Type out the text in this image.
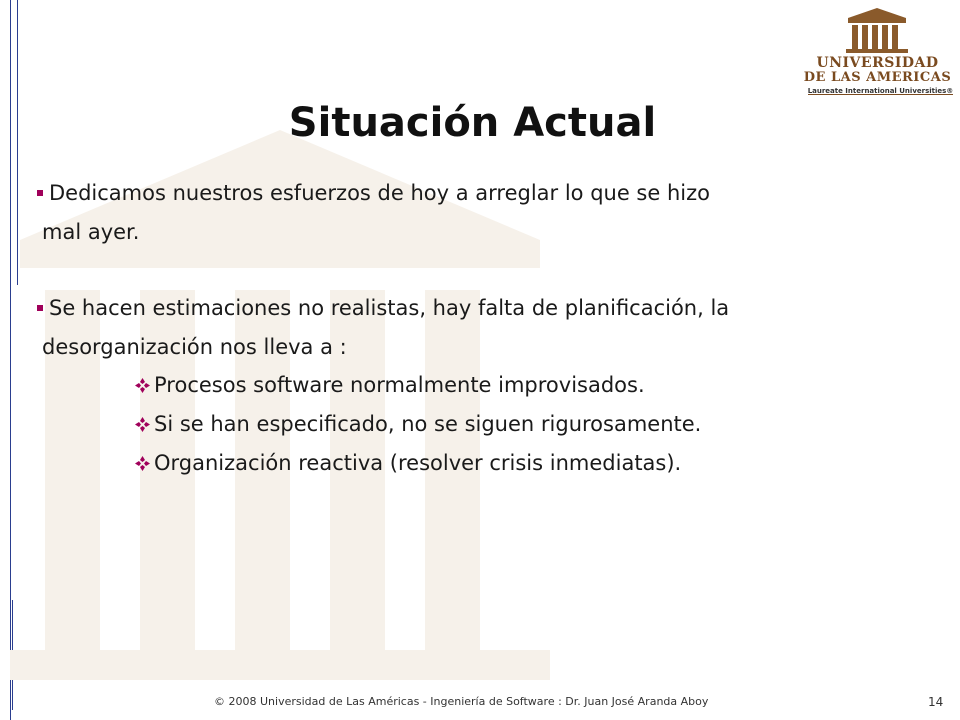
UNIVERSIDAD
DE LAS AMERICAS
Laureate International Universities®
Situación Actual
Dedicamos nuestros esfuerzos de hoy a arreglar lo que se hizo
mal ayer.
Se hacen estimaciones no realistas, hay falta de planificación, la
desorganización nos lleva a :
Procesos software normalmente improvisados.
Si se han especificado, no se siguen rigurosamente.
Organización reactiva (resolver crisis inmediatas).
© 2008 Universidad de Las Américas - Ingeniería de Software : Dr. Juan José Aranda Aboy	14
